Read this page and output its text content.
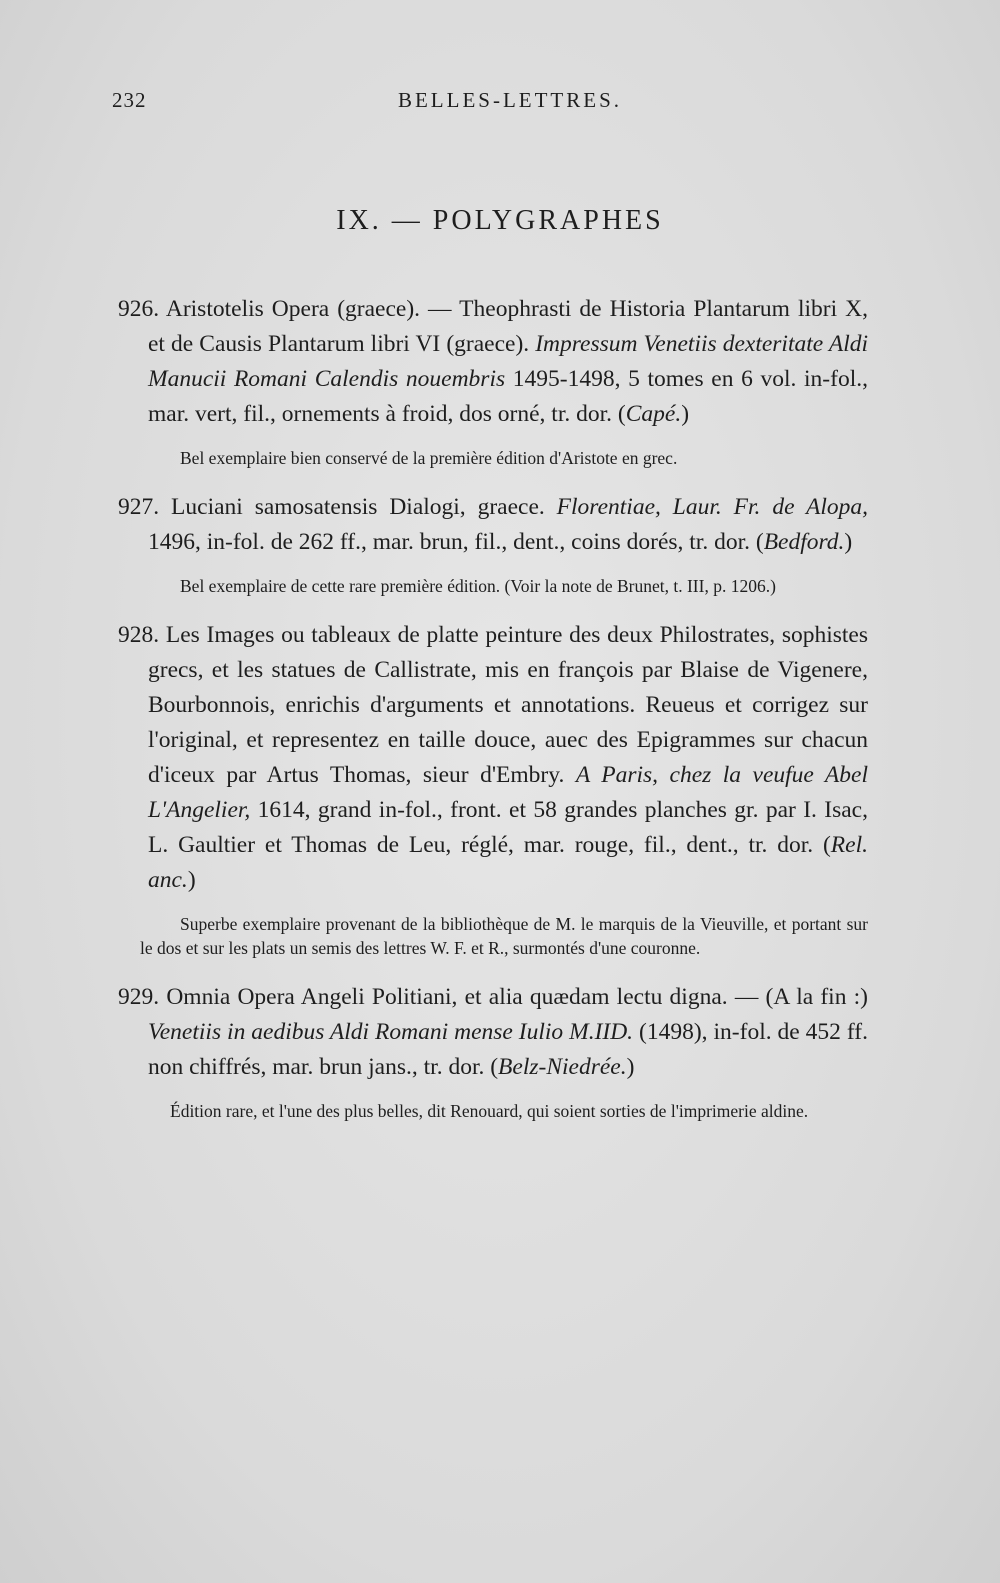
232	BELLES-LETTRES.
IX. — POLYGRAPHES

926. Aristotelis Opera (graece). — Theophrasti de Historia Plantarum libri X, et de Causis Plantarum libri VI (graece). Impressum Venetiis dexteritate Aldi Manucii Romani Calendis nouembris 1495-1498, 5 tomes en 6 vol. in-fol., mar. vert, fil., ornements à froid, dos orné, tr. dor. (Capé.)

Bel exemplaire bien conservé de la première édition d'Aristote en grec.

927. Luciani samosatensis Dialogi, graece. Florentiae, Laur. Fr. de Alopa, 1496, in-fol. de 262 ff., mar. brun, fil., dent., coins dorés, tr. dor. (Bedford.)

Bel exemplaire de cette rare première édition. (Voir la note de Brunet, t. III, p. 1206.)

928. Les Images ou tableaux de platte peinture des deux Philostrates, sophistes grecs, et les statues de Callistrate, mis en françois par Blaise de Vigenere, Bourbonnois, enrichis d'arguments et annotations. Reueus et corrigez sur l'original, et representez en taille douce, auec des Epigrammes sur chacun d'iceux par Artus Thomas, sieur d'Embry. A Paris, chez la veufue Abel L'Angelier, 1614, grand in-fol., front. et 58 grandes planches gr. par I. Isac, L. Gaultier et Thomas de Leu, réglé, mar. rouge, fil., dent., tr. dor. (Rel. anc.)

Superbe exemplaire provenant de la bibliothèque de M. le marquis de la Vieuville, et portant sur le dos et sur les plats un semis des lettres W. F. et R., surmontés d'une couronne.

929. Omnia Opera Angeli Politiani, et alia quædam lectu digna. — (A la fin :) Venetiis in aedibus Aldi Romani mense Iulio M.IID. (1498), in-fol. de 452 ff. non chiffrés, mar. brun jans., tr. dor. (Belz-Niedrée.)

Édition rare, et l'une des plus belles, dit Renouard, qui soient sorties de l'imprimerie aldine.
